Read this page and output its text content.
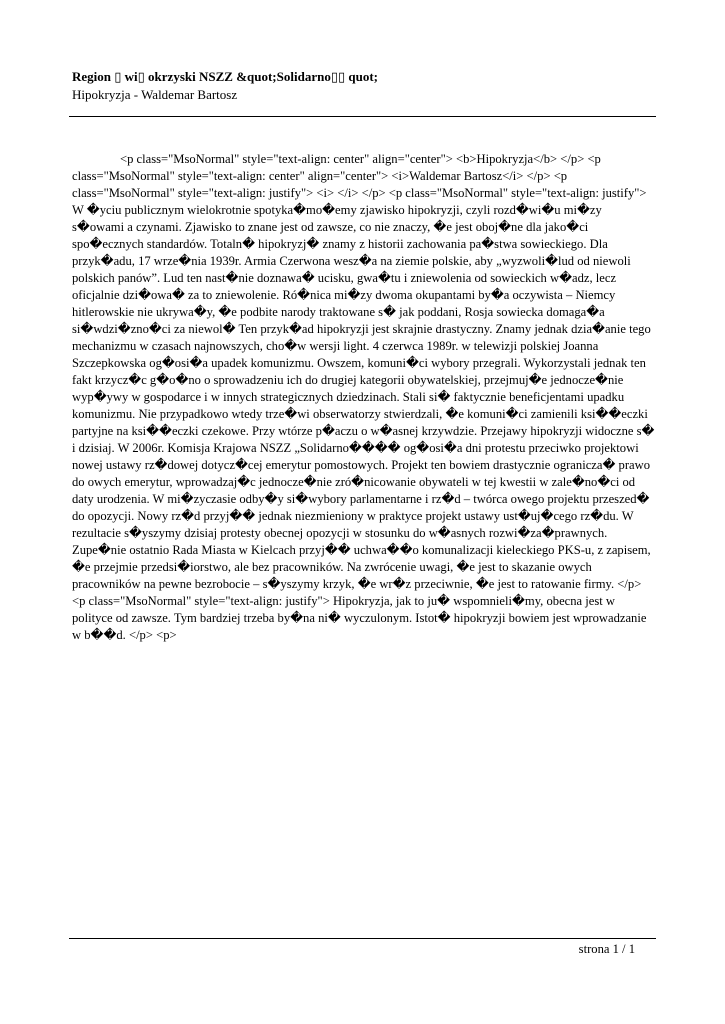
Region ▯ wi▯ okrzyski NSZZ &quot;Solidarno▯▯ quot;

Hipokryzja - Waldemar Bartosz

<p class="MsoNormal" style="text-align: center" align="center"> <b>Hipokryzja</b> </p> <p class="MsoNormal" style="text-align: center" align="center"> <i>Waldemar Bartosz</i> </p> <p class="MsoNormal" style="text-align: justify"> <i> </i> </p> <p class="MsoNormal" style="text-align: justify"> W �yciu publicznym wielokrotnie spotyka�mo�emy zjawisko hipokryzji, czyli rozd�wi�u mi�zy s�owami a czynami. Zjawisko to znane jest od zawsze, co nie znaczy, �e jest oboj�ne dla jako�ci spo�ecznych standardów. Totaln� hipokryzj� znamy z historii zachowania pa�stwa sowieckiego. Dla przyk�adu, 17 wrze�nia 1939r. Armia Czerwona wesz�a na ziemie polskie, aby „wyzwoli�lud od niewoli polskich panów”. Lud ten nast�nie doznawa� ucisku, gwa�tu i zniewolenia od sowieckich w�adz, lecz oficjalnie dzi�owa� za to zniewolenie. Ró�nica mi�zy dwoma okupantami by�a oczywista – Niemcy hitlerowskie nie ukrywa�y, �e podbite narody traktowane s� jak poddani, Rosja sowiecka domaga�a si�wdzi�zno�ci za niewol� Ten przyk�ad hipokryzji jest skrajnie drastyczny. Znamy jednak dzia�anie tego mechanizmu w czasach najnowszych, cho�w wersji light. 4 czerwca 1989r. w telewizji polskiej Joanna Szczepkowska og�osi�a upadek komunizmu. Owszem, komuni�ci wybory przegrali. Wykorzystali jednak ten fakt krzycz�c g�o�no o sprowadzeniu ich do drugiej kategorii obywatelskiej, przejmuj�e jednocze�nie wyp�ywy w gospodarce i w innych strategicznych dziedzinach. Stali si� faktycznie beneficjentami upadku komunizmu. Nie przypadkowo wtedy trze�wi obserwatorzy stwierdzali, �e komuni�ci zamienili ksi��eczki partyjne na ksi��eczki czekowe. Przy wtórze p�aczu o w�asnej krzywdzie. Przejawy hipokryzji widoczne s� i dzisiaj. W 2006r. Komisja Krajowa NSZZ „Solidarno���� og�osi�a dni protestu przeciwko projektowi nowej ustawy rz�dowej dotycz�cej emerytur pomostowych. Projekt ten bowiem drastycznie ogranicza� prawo do owych emerytur, wprowadzaj�c jednocze�nie zró�nicowanie obywateli w tej kwestii w zale�no�ci od daty urodzenia. W mi�zyczasie odby�y si�wybory parlamentarne i rz�d – twórca owego projektu przeszed� do opozycji. Nowy rz�d przyj�� jednak niezmieniony w praktyce projekt ustawy ust�uj�cego rz�du. W rezultacie s�yszymy dzisiaj protesty obecnej opozycji w stosunku do w�asnych rozwi�za�prawnych. Zupe�nie ostatnio Rada Miasta w Kielcach przyj�� uchwa��o komunalizacji kieleckiego PKS-u, z zapisem, �e przejmie przedsi�iorstwo, ale bez pracowników. Na zwrócenie uwagi, �e jest to skazanie owych pracowników na pewne bezrobocie – s�yszymy krzyk, �e wr�z przeciwnie, �e jest to ratowanie firmy. </p> <p class="MsoNormal" style="text-align: justify"> Hipokryzja, jak to ju� wspomnieli�my, obecna jest w polityce od zawsze. Tym bardziej trzeba by�na ni� wyczulonym. Istot� hipokryzji bowiem jest wprowadzanie w b��d. </p> <p>

strona 1 / 1
